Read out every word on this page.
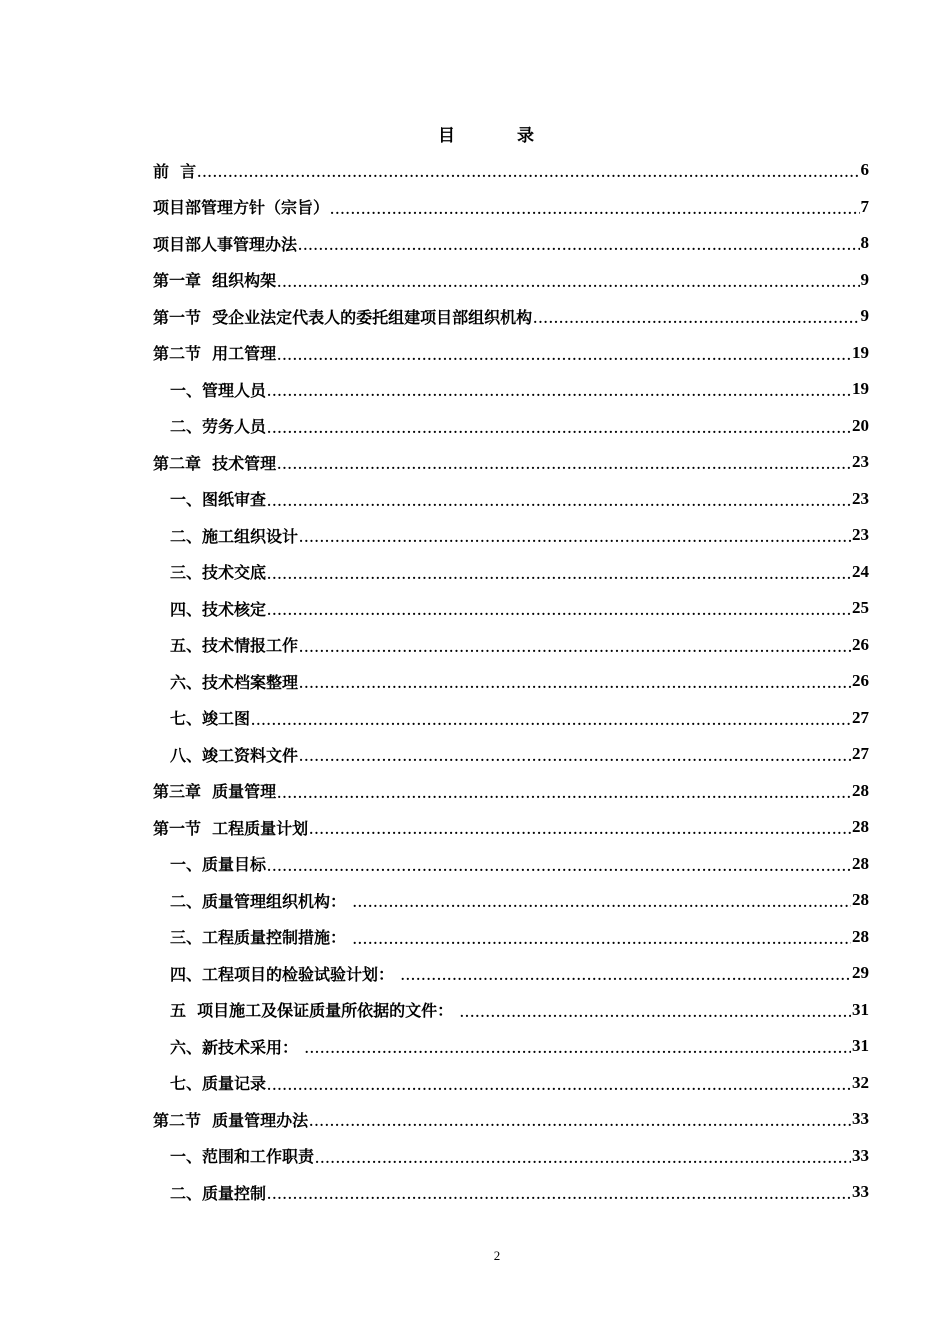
目 录
前  言 .....	6
项目部管理方针（宗旨） .....	7
项目部人事管理办法 .....	8
第一章  组织构架 .....	9
第一节  受企业法定代表人的委托组建项目部组织机构 .....	9
第二节  用工管理 .....	19
一、管理人员 .....	19
二、劳务人员 .....	20
第二章  技术管理 .....	23
一、图纸审查 .....	23
二、施工组织设计 .....	23
三、技术交底 .....	24
四、技术核定 .....	25
五、技术情报工作 .....	26
六、技术档案整理 .....	26
七、竣工图 .....	27
八、竣工资料文件 .....	27
第三章  质量管理 .....	28
第一节  工程质量计划 .....	28
一、质量目标 .....	28
二、质量管理组织机构： .....	28
三、工程质量控制措施： .....	28
四、工程项目的检验试验计划： .....	29
五  项目施工及保证质量所依据的文件： .....	31
六、新技术采用： .....	31
七、质量记录 .....	32
第二节  质量管理办法 .....	33
一、范围和工作职责 .....	33
二、质量控制 .....	33
2
